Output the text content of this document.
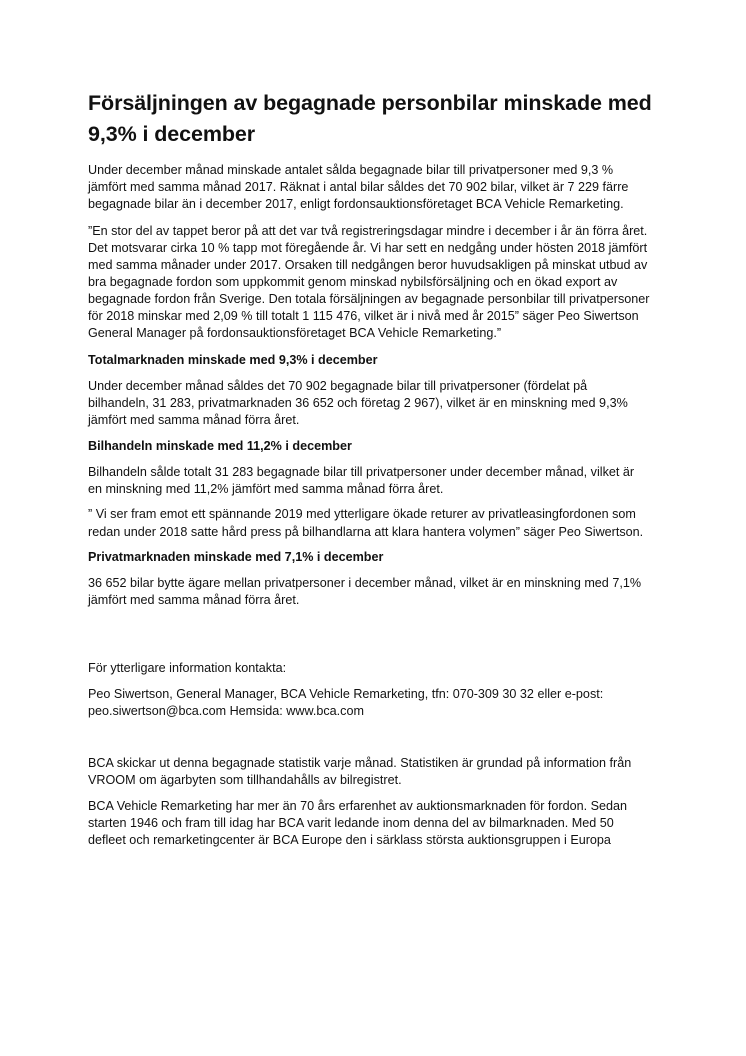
Försäljningen av begagnade personbilar minskade med 9,3% i december

Under december månad minskade antalet sålda begagnade bilar till privatpersoner med 9,3 %
jämfört med samma månad 2017. Räknat i antal bilar såldes det 70 902 bilar, vilket är 7 229 färre
begagnade bilar än i december 2017, enligt fordonsauktionsföretaget BCA Vehicle Remarketing.

”En stor del av tappet beror på att det var två registreringsdagar mindre i december i år än förra året.
Det motsvarar cirka 10 % tapp mot föregående år. Vi har sett en nedgång under hösten 2018 jämfört
med samma månader under 2017. Orsaken till nedgången beror huvudsakligen på minskat utbud av
bra begagnade fordon som uppkommit genom minskad nybilsförsäljning och en ökad export av
begagnade fordon från Sverige. Den totala försäljningen av begagnade personbilar till privatpersoner
för 2018 minskar med 2,09 % till totalt 1 115 476, vilket är i nivå med år 2015” säger Peo Siwertson
General Manager på fordonsauktionsföretaget BCA Vehicle Remarketing.”

Totalmarknaden minskade med 9,3% i december

Under december månad såldes det 70 902 begagnade bilar till privatpersoner (fördelat på
bilhandeln, 31 283, privatmarknaden 36 652 och företag 2 967), vilket är en minskning med 9,3%
jämfört med samma månad förra året.

Bilhandeln minskade med 11,2% i december

Bilhandeln sålde totalt 31 283 begagnade bilar till privatpersoner under december månad, vilket är
en minskning med 11,2% jämfört med samma månad förra året.

” Vi ser fram emot ett spännande 2019 med ytterligare ökade returer av privatleasingfordonen som
redan under 2018 satte hård press på bilhandlarna att klara hantera volymen” säger Peo Siwertson.

Privatmarknaden minskade med 7,1% i december

36 652 bilar bytte ägare mellan privatpersoner i december månad, vilket är en minskning med 7,1%
jämfört med samma månad förra året.

För ytterligare information kontakta:

Peo Siwertson, General Manager, BCA Vehicle Remarketing, tfn: 070-309 30 32 eller e-post:
peo.siwertson@bca.com Hemsida: www.bca.com

BCA skickar ut denna begagnade statistik varje månad. Statistiken är grundad på information från
VROOM om ägarbyten som tillhandahålls av bilregistret.

BCA Vehicle Remarketing har mer än 70 års erfarenhet av auktionsmarknaden för fordon. Sedan
starten 1946 och fram till idag har BCA varit ledande inom denna del av bilmarknaden. Med 50
defleet och remarketingcenter är BCA Europe den i särklass största auktionsgruppen i Europa
